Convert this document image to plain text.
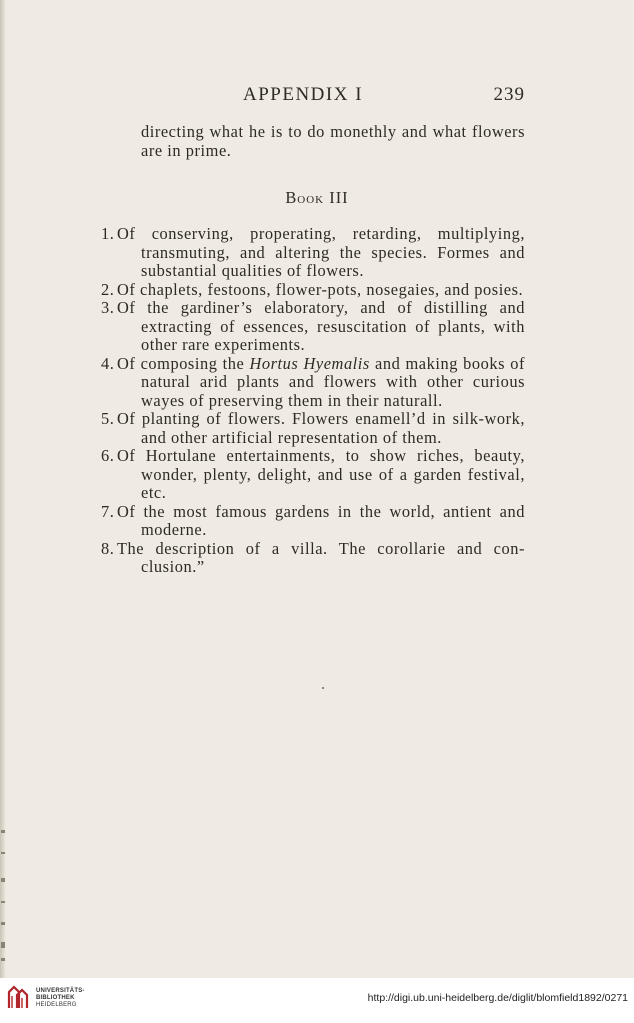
APPENDIX I	239
directing what he is to do monethly and what flowers are in prime.
Book III
1. Of conserving, properating, retarding, multiplying, transmuting, and altering the species. Formes and substantial qualities of flowers.
2. Of chaplets, festoons, flower-pots, nosegaies, and posies.
3. Of the gardiner’s elaboratory, and of distilling and extracting of essences, resuscitation of plants, with other rare experiments.
4. Of composing the Hortus Hyemalis and making books of natural arid plants and flowers with other curious wayes of preserving them in their naturall.
5. Of planting of flowers. Flowers enamell’d in silk-work, and other artificial representation of them.
6. Of Hortulane entertainments, to show riches, beauty, wonder, plenty, delight, and use of a garden festival, etc.
7. Of the most famous gardens in the world, antient and moderne.
8. The description of a villa. The corollarie and con-clusion.”
UNIVERSITÄTS-
BIBLIOTHEK
HEIDELBERG
http://digi.ub.uni-heidelberg.de/diglit/blomfield1892/0271
